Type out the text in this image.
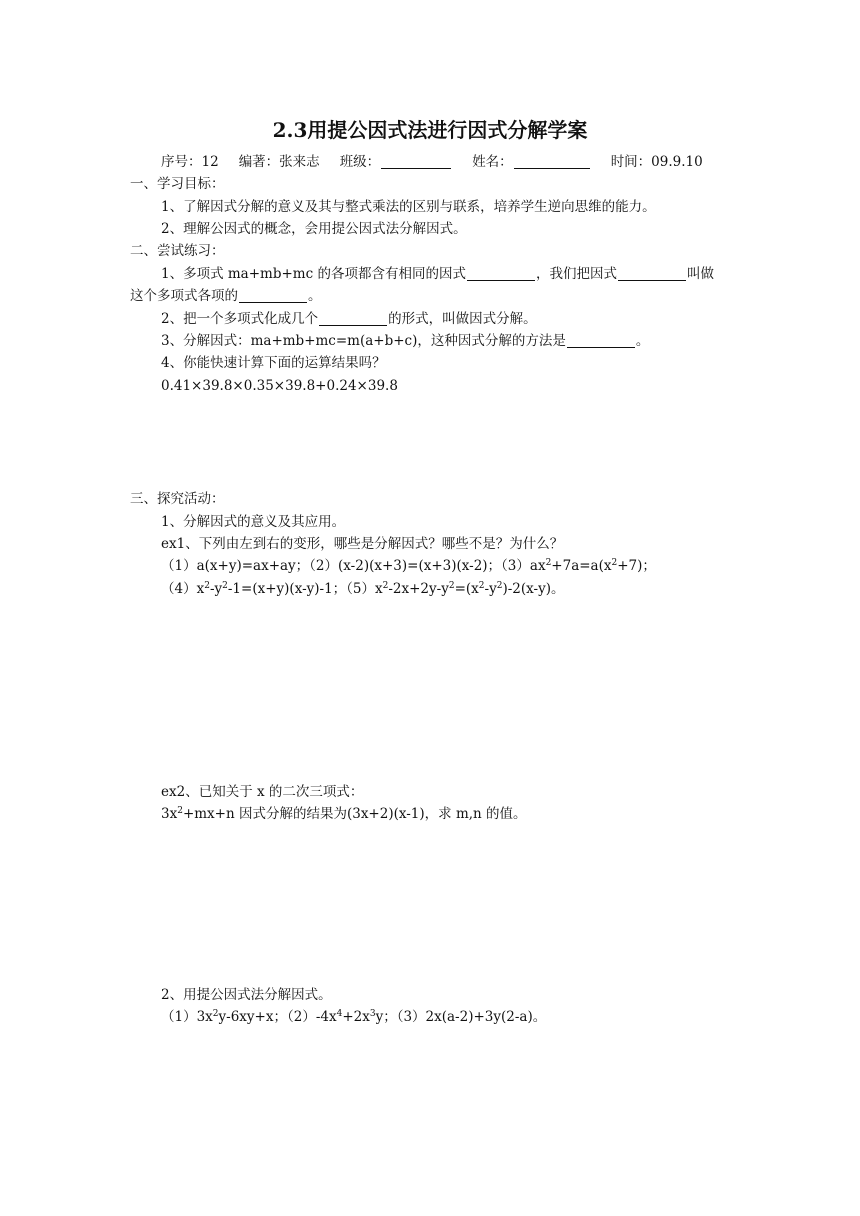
2.3用提公因式法进行因式分解学案
序号：12 编著：张来志 班级：	姓名：	时间：09.9.10
一、学习目标：
1、了解因式分解的意义及其与整式乘法的区别与联系，培养学生逆向思维的能力。
2、理解公因式的概念，会用提公因式法分解因式。
二、尝试练习：
1、多项式 ma+mb+mc 的各项都含有相同的因式	，我们把因式	叫做
这个多项式各项的	。
2、把一个多项式化成几个	的形式，叫做因式分解。
3、分解因式：ma+mb+mc=m(a+b+c)，这种因式分解的方法是	。
4、你能快速计算下面的运算结果吗？
0.41×39.8×0.35×39.8+0.24×39.8
三、探究活动：
1、分解因式的意义及其应用。
ex1、下列由左到右的变形，哪些是分解因式？哪些不是？为什么？
（1）a(x+y)=ax+ay；（2）(x-2)(x+3)=(x+3)(x-2)；$(3)ax^2+7a=a(x^2+7)$；
$(4)x^2-y^2-1=(x+y)(x-y)-1$；$(5)x^2-2x+2y-y^2=(x^2-y^2)-2(x-y)$。
ex2、已知关于 x 的二次三项式：
$3x^2+mx+n$ 因式分解的结果为(3x+2)(x-1)，求 m,n 的值。
2、用提公因式法分解因式。
$(1)3x^2y-6xy+x$；$(2)-4x^4+2x^3y$；（3）2x(a-2)+3y(2-a)。
